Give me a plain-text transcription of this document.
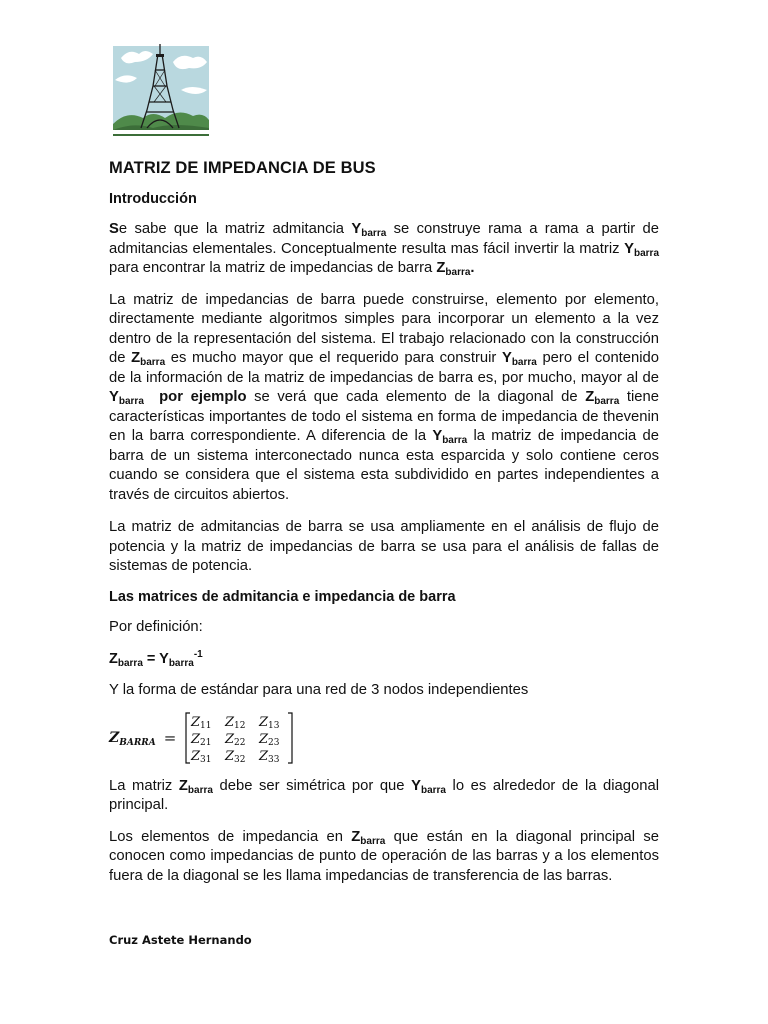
MATRIZ DE IMPEDANCIA DE BUS
Introducción

Se sabe que la matriz admitancia $Y_{barra}$ se construye rama a rama a partir de admitancias elementales. Conceptualmente resulta mas fácil invertir la matriz $Y_{barra}$ para encontrar la matriz de impedancias de barra $Z_{barra}$.

La matriz de impedancias de barra puede construirse, elemento por elemento, directamente mediante algoritmos simples para incorporar un elemento a la vez dentro de la representación del sistema. El trabajo relacionado con la construcción de $Z_{barra}$ es mucho mayor que el requerido para construir $Y_{barra}$ pero el contenido de la información de la matriz de impedancias de barra es, por mucho, mayor al de $Y_{barra}$ por ejemplo se verá que cada elemento de la diagonal de $Z_{barra}$ tiene características importantes de todo el sistema en forma de impedancia de thevenin en la barra correspondiente. A diferencia de la $Y_{barra}$ la matriz de impedancia de barra de un sistema interconectado nunca esta esparcida y solo contiene ceros cuando se considera que el sistema esta subdividido en partes independientes a través de circuitos abiertos.

La matriz de admitancias de barra se usa ampliamente en el análisis de flujo de potencia y la matriz de impedancias de barra se usa para el análisis de fallas de sistemas de potencia.

Las matrices de admitancia e impedancia de barra

Por definición:

$Z_{barra} = Y_{barra}^{-1}$

Y la forma de estándar para una red de 3 nodos independientes

$Z_{BARRA}$ =
Z11 Z12 Z13
Z21 Z22 Z23
Z31 Z32 Z33

La matriz $Z_{barra}$ debe ser simétrica por que $Y_{barra}$ lo es alrededor de la diagonal principal.

Los elementos de impedancia en $Z_{barra}$ que están en la diagonal principal se conocen como impedancias de punto de operación de las barras y a los elementos fuera de la diagonal se les llama impedancias de transferencia de las barras.

Cruz Astete Hernando
